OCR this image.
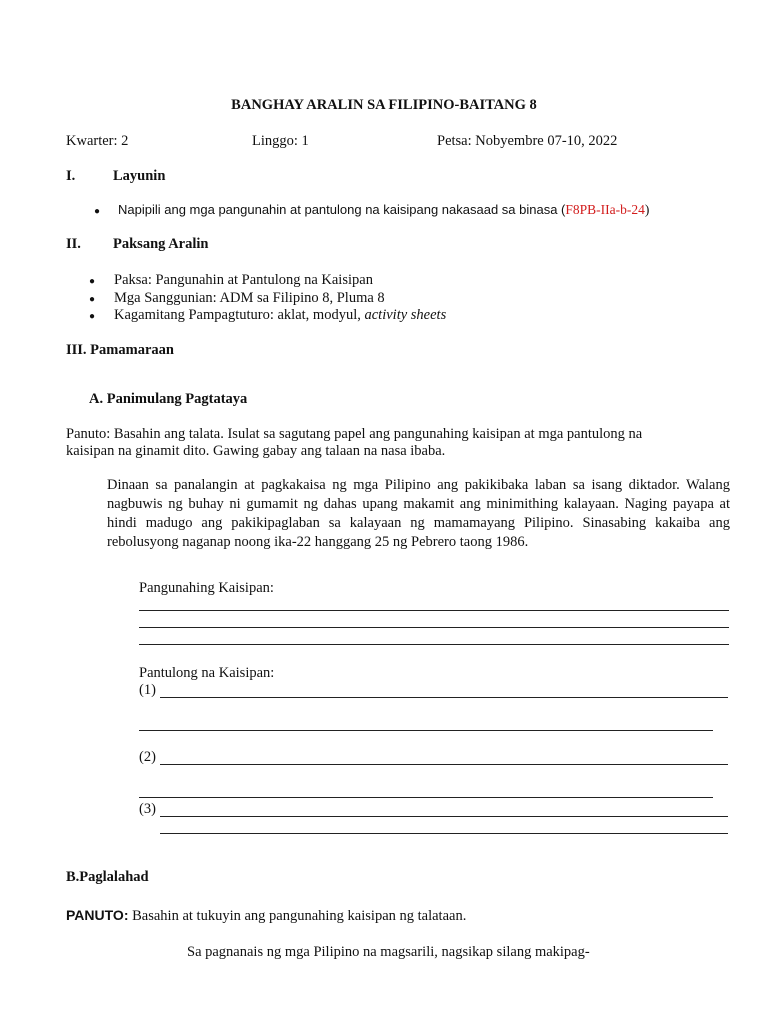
BANGHAY ARALIN SA FILIPINO-BAITANG 8
Kwarter: 2	Linggo: 1	Petsa: Nobyembre 07-10, 2022
I.	Layunin
● Napipili ang mga pangunahin at pantulong na kaisipang nakasaad sa binasa (F8PB-IIa-b-24)
II. Paksang Aralin
● Paksa: Pangunahin at Pantulong na Kaisipan
● Mga Sanggunian: ADM sa Filipino 8, Pluma 8
● Kagamitang Pampagtuturo: aklat, modyul, activity sheets
III. Pamamaraan
A. Panimulang Pagtataya
Panuto: Basahin ang talata. Isulat sa sagutang papel ang pangunahing kaisipan at mga pantulong na
kaisipan na ginamit dito. Gawing gabay ang talaan na nasa ibaba.
Dinaan sa panalangin at pagkakaisa ng mga Pilipino ang pakikibaka laban sa isang diktador. Walang nagbuwis ng buhay ni gumamit ng dahas upang makamit ang minimithing kalayaan. Naging payapa at hindi madugo ang pakikipaglaban sa kalayaan ng mamamayang Pilipino. Sinasabing kakaiba ang rebolusyong naganap noong ika-22 hanggang 25 ng Pebrero taong 1986.
Pangunahing Kaisipan:
Pantulong na Kaisipan:
(1)
(2)
(3)
B.Paglalahad
PANUTO: Basahin at tukuyin ang pangunahing kaisipan ng talataan.
Sa pagnanais ng mga Pilipino na magsarili, nagsikap silang makipag-
